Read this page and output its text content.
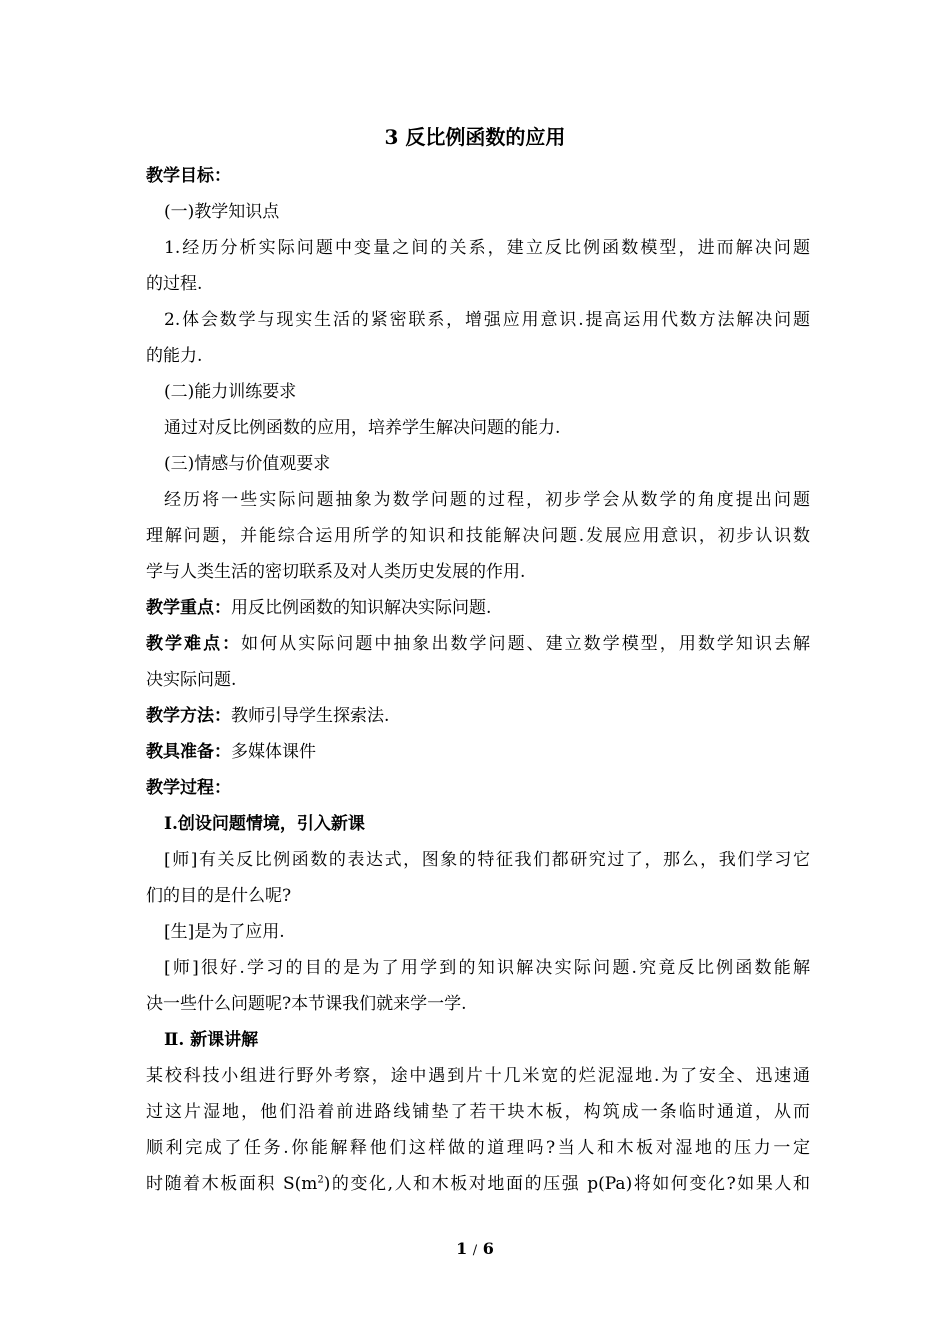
3 反比例函数的应用
教学目标：
(一)教学知识点
1.经历分析实际问题中变量之间的关系，建立反比例函数模型，进而解决问题
的过程.
2.体会数学与现实生活的紧密联系，增强应用意识.提高运用代数方法解决问题
的能力.
(二)能力训练要求
通过对反比例函数的应用，培养学生解决问题的能力.
(三)情感与价值观要求
经历将一些实际问题抽象为数学问题的过程，初步学会从数学的角度提出问题
理解问题，并能综合运用所学的知识和技能解决问题.发展应用意识，初步认识数
学与人类生活的密切联系及对人类历史发展的作用.
教学重点：用反比例函数的知识解决实际问题.
教学难点：如何从实际问题中抽象出数学问题、建立数学模型，用数学知识去解
决实际问题.
教学方法：教师引导学生探索法.
教具准备：多媒体课件
教学过程：
Ⅰ.创设问题情境，引入新课
[师]有关反比例函数的表达式，图象的特征我们都研究过了，那么，我们学习它
们的目的是什么呢?
[生]是为了应用.
[师]很好.学习的目的是为了用学到的知识解决实际问题.究竟反比例函数能解
决一些什么问题呢?本节课我们就来学一学.
Ⅱ. 新课讲解
某校科技小组进行野外考察，途中遇到片十几米宽的烂泥湿地.为了安全、迅速通
过这片湿地，他们沿着前进路线铺垫了若干块木板，构筑成一条临时通道，从而
顺利完成了任务.你能解释他们这样做的道理吗?当人和木板对湿地的压力一定
时随着木板面积 $S(m^2)$的变化,人和木板对地面的压强 p(Pa)将如何变化?如果人和
1 / 6
